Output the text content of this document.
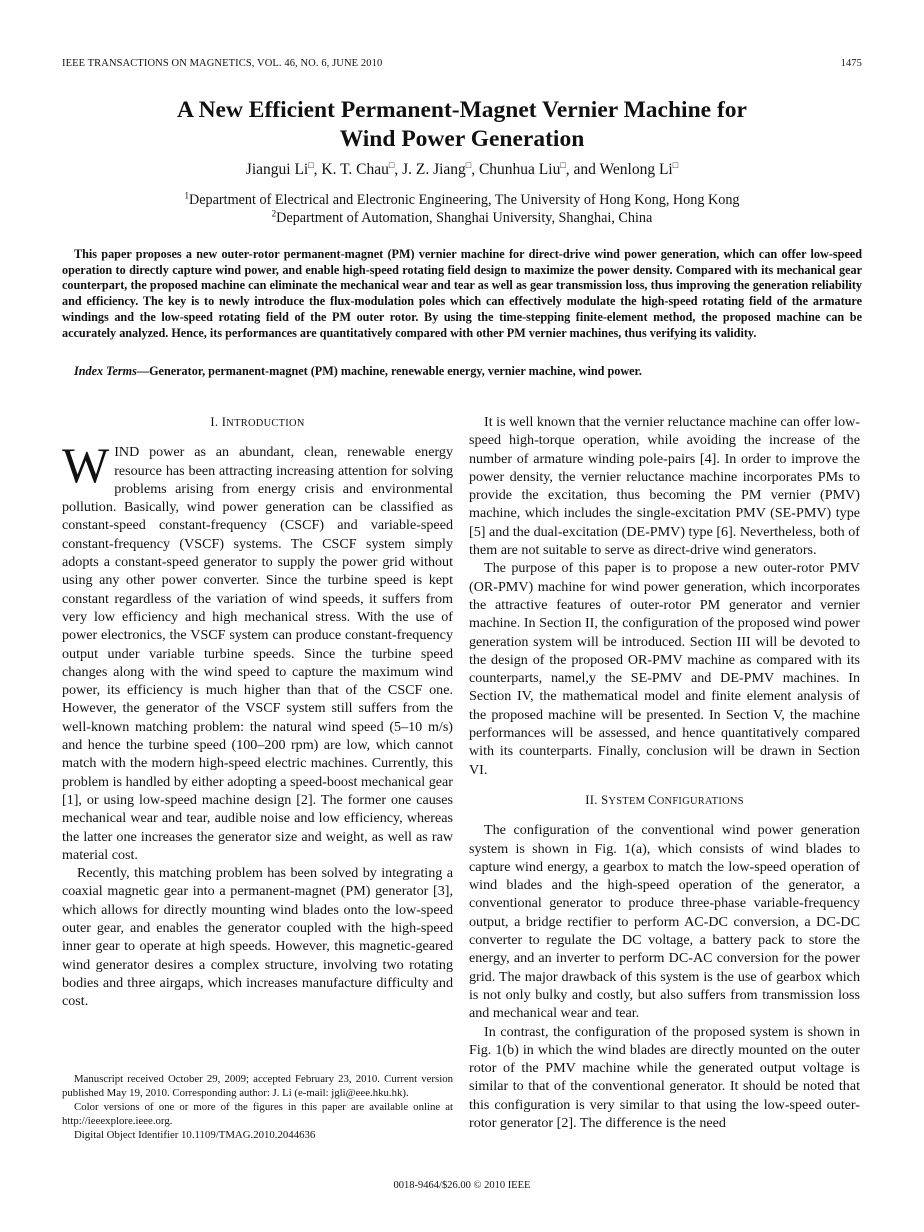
IEEE TRANSACTIONS ON MAGNETICS, VOL. 46, NO. 6, JUNE 2010	1475
A New Efficient Permanent-Magnet Vernier Machine for
Wind Power Generation
Jiangui Li□, K. T. Chau□, J. Z. Jiang□, Chunhua Liu□, and Wenlong Li□
$^1$Department of Electrical and Electronic Engineering, The University of Hong Kong, Hong Kong
$^2$Department of Automation, Shanghai University, Shanghai, China
This paper proposes a new outer-rotor permanent-magnet (PM) vernier machine for direct-drive wind power generation, which can offer low-speed operation to directly capture wind power, and enable high-speed rotating field design to maximize the power density. Compared with its mechanical gear counterpart, the proposed machine can eliminate the mechanical wear and tear as well as gear transmission loss, thus improving the generation reliability and efficiency. The key is to newly introduce the flux-modulation poles which can effectively modulate the high-speed rotating field of the armature windings and the low-speed rotating field of the PM outer rotor. By using the time-stepping finite-element method, the proposed machine can be accurately analyzed. Hence, its performances are quantitatively compared with other PM vernier machines, thus verifying its validity.
Index Terms—Generator, permanent-magnet (PM) machine, renewable energy, vernier machine, wind power.
I. INTRODUCTION

WIND power as an abundant, clean, renewable energy resource has been attracting increasing attention for solving problems arising from energy crisis and environmental pollution. Basically, wind power generation can be classified as constant-speed constant-frequency (CSCF) and variable-speed constant-frequency (VSCF) systems. The CSCF system simply adopts a constant-speed generator to supply the power grid without using any other power converter. Since the turbine speed is kept constant regardless of the variation of wind speeds, it suffers from very low efficiency and high mechanical stress. With the use of power electronics, the VSCF system can produce constant-frequency output under variable turbine speeds. Since the turbine speed changes along with the wind speed to capture the maximum wind power, its efficiency is much higher than that of the CSCF one. However, the generator of the VSCF system still suffers from the well-known matching problem: the natural wind speed (5–10 m/s) and hence the turbine speed (100–200 rpm) are low, which cannot match with the modern high-speed electric machines. Currently, this problem is handled by either adopting a speed-boost mechanical gear [1], or using low-speed machine design [2]. The former one causes mechanical wear and tear, audible noise and low efficiency, whereas the latter one increases the generator size and weight, as well as raw material cost.

Recently, this matching problem has been solved by integrating a coaxial magnetic gear into a permanent-magnet (PM) generator [3], which allows for directly mounting wind blades onto the low-speed outer gear, and enables the generator coupled with the high-speed inner gear to operate at high speeds. However, this magnetic-geared wind generator desires a complex structure, involving two rotating bodies and three airgaps, which increases manufacture difficulty and cost.

It is well known that the vernier reluctance machine can offer low-speed high-torque operation, while avoiding the increase of the number of armature winding pole-pairs [4]. In order to improve the power density, the vernier reluctance machine incorporates PMs to provide the excitation, thus becoming the PM vernier (PMV) machine, which includes the single-excitation PMV (SE-PMV) type [5] and the dual-excitation (DE-PMV) type [6]. Nevertheless, both of them are not suitable to serve as direct-drive wind generators.

The purpose of this paper is to propose a new outer-rotor PMV (OR-PMV) machine for wind power generation, which incorporates the attractive features of outer-rotor PM generator and vernier machine. In Section II, the configuration of the proposed wind power generation system will be introduced. Section III will be devoted to the design of the proposed OR-PMV machine as compared with its counterparts, namel,y the SE-PMV and DE-PMV machines. In Section IV, the mathematical model and finite element analysis of the proposed machine will be presented. In Section V, the machine performances will be assessed, and hence quantitatively compared with its counterparts. Finally, conclusion will be drawn in Section VI.

II. SYSTEM CONFIGURATIONS

The configuration of the conventional wind power generation system is shown in Fig. 1(a), which consists of wind blades to capture wind energy, a gearbox to match the low-speed operation of wind blades and the high-speed operation of the generator, a conventional generator to produce three-phase variable-frequency output, a bridge rectifier to perform AC-DC conversion, a DC-DC converter to regulate the DC voltage, a battery pack to store the energy, and an inverter to perform DC-AC conversion for the power grid. The major drawback of this system is the use of gearbox which is not only bulky and costly, but also suffers from transmission loss and mechanical wear and tear.

In contrast, the configuration of the proposed system is shown in Fig. 1(b) in which the wind blades are directly mounted on the outer rotor of the PMV machine while the generated output voltage is similar to that of the conventional generator. It should be noted that this configuration is very similar to that using the low-speed outer-rotor generator [2]. The difference is the need

Manuscript received October 29, 2009; accepted February 23, 2010. Current version published May 19, 2010. Corresponding author: J. Li (e-mail: jgli@eee.hku.hk).

Color versions of one or more of the figures in this paper are available online at http://ieeexplore.ieee.org.

Digital Object Identifier 10.1109/TMAG.2010.2044636

0018-9464/$26.00 © 2010 IEEE
